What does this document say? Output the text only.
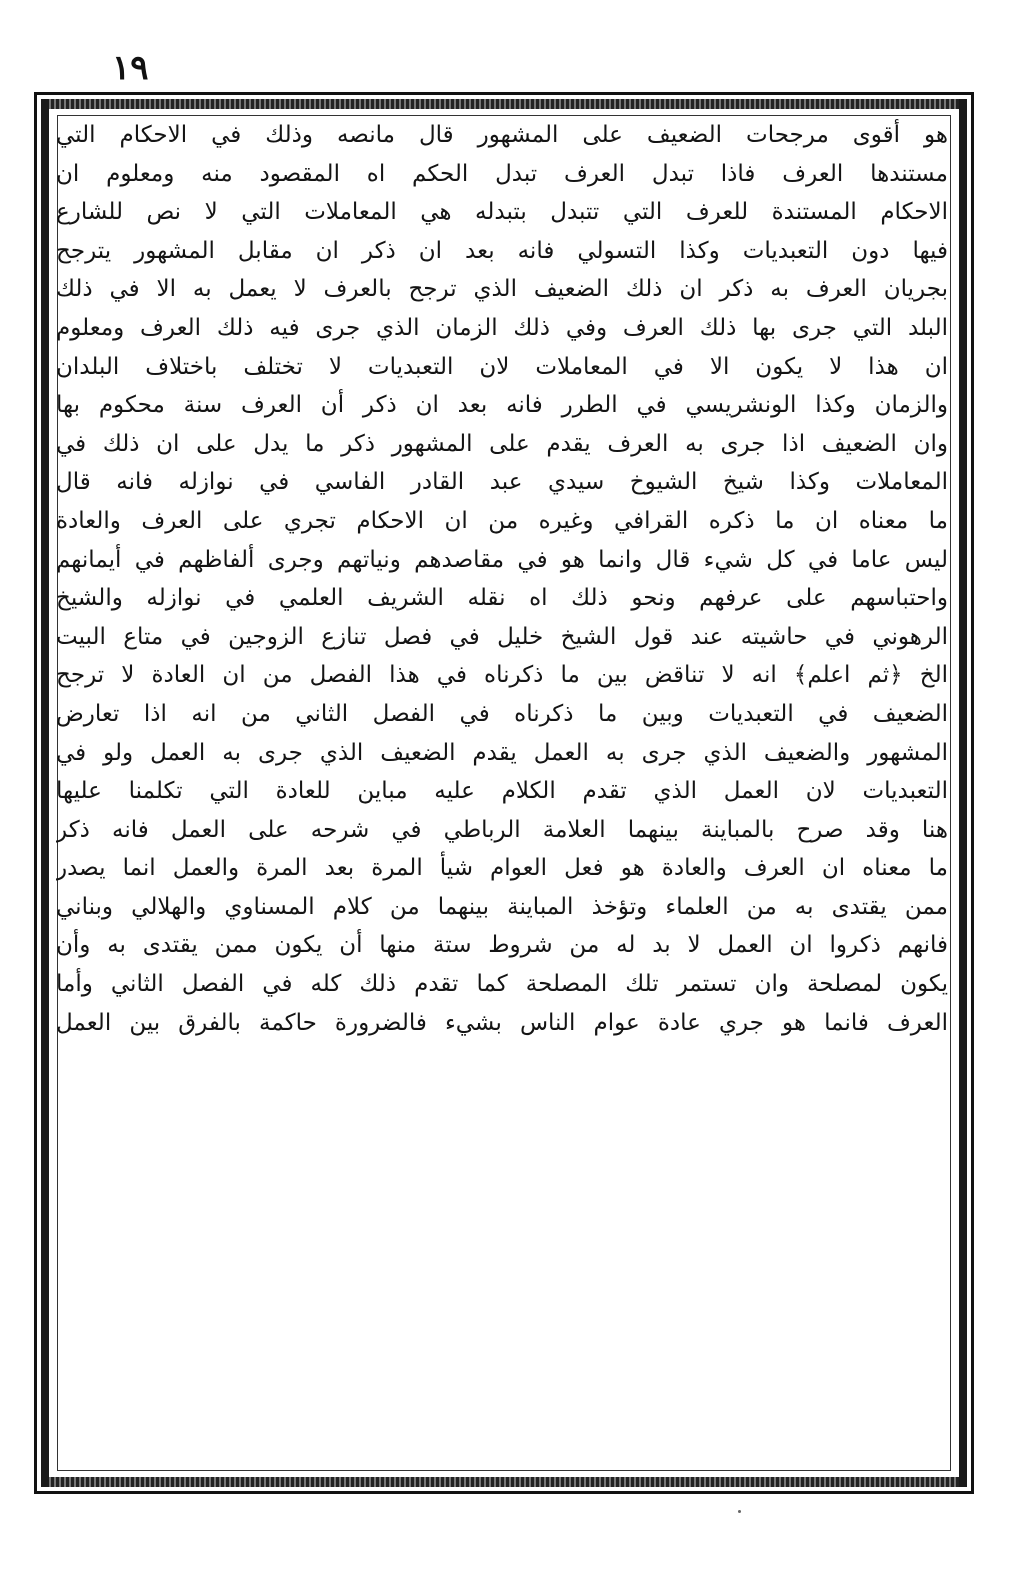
١٩
هو أقوى مرجحات الضعيف على المشهور قال مانصه وذلك في الاحكام التي
مستندها العرف فاذا تبدل العرف تبدل الحكم اه المقصود منه ومعلوم ان
الاحكام المستندة للعرف التي تتبدل بتبدله هي المعاملات التي لا نص للشارع
فيها دون التعبديات وكذا التسولي فانه بعد ان ذكر ان مقابل المشهور يترجح
بجريان العرف به ذكر ان ذلك الضعيف الذي ترجح بالعرف لا يعمل به الا في ذلك
البلد التي جرى بها ذلك العرف وفي ذلك الزمان الذي جرى فيه ذلك العرف ومعلوم
ان هذا لا يكون الا في المعاملات لان التعبديات لا تختلف باختلاف البلدان
والزمان وكذا الونشريسي في الطرر فانه بعد ان ذكر أن العرف سنة محكوم بها
وان الضعيف اذا جرى به العرف يقدم على المشهور ذكر ما يدل على ان ذلك في
المعاملات وكذا شيخ الشيوخ سيدي عبد القادر الفاسي في نوازله فانه قال
ما معناه ان ما ذكره القرافي وغيره من ان الاحكام تجري على العرف والعادة
ليس عاما في كل شيء قال وانما هو في مقاصدهم ونياتهم وجرى ألفاظهم في أيمانهم
واحتباسهم على عرفهم ونحو ذلك اه نقله الشريف العلمي في نوازله والشيخ
الرهوني في حاشيته عند قول الشيخ خليل في فصل تنازع الزوجين في متاع البيت
الخ ﴿ثم اعلم﴾ انه لا تناقض بين ما ذكرناه في هذا الفصل من ان العادة لا ترجح
الضعيف في التعبديات وبين ما ذكرناه في الفصل الثاني من انه اذا تعارض
المشهور والضعيف الذي جرى به العمل يقدم الضعيف الذي جرى به العمل ولو في
التعبديات لان العمل الذي تقدم الكلام عليه مباين للعادة التي تكلمنا عليها
هنا وقد صرح بالمباينة بينهما العلامة الرباطي في شرحه على العمل فانه ذكر
ما معناه ان العرف والعادة هو فعل العوام شيأ المرة بعد المرة والعمل انما يصدر
ممن يقتدى به من العلماء وتؤخذ المباينة بينهما من كلام المسناوي والهلالي وبناني
فانهم ذكروا ان العمل لا بد له من شروط ستة منها أن يكون ممن يقتدى به وأن
يكون لمصلحة وان تستمر تلك المصلحة كما تقدم ذلك كله في الفصل الثاني وأما
العرف فانما هو جري عادة عوام الناس بشيء فالضرورة حاكمة بالفرق بين العمل
